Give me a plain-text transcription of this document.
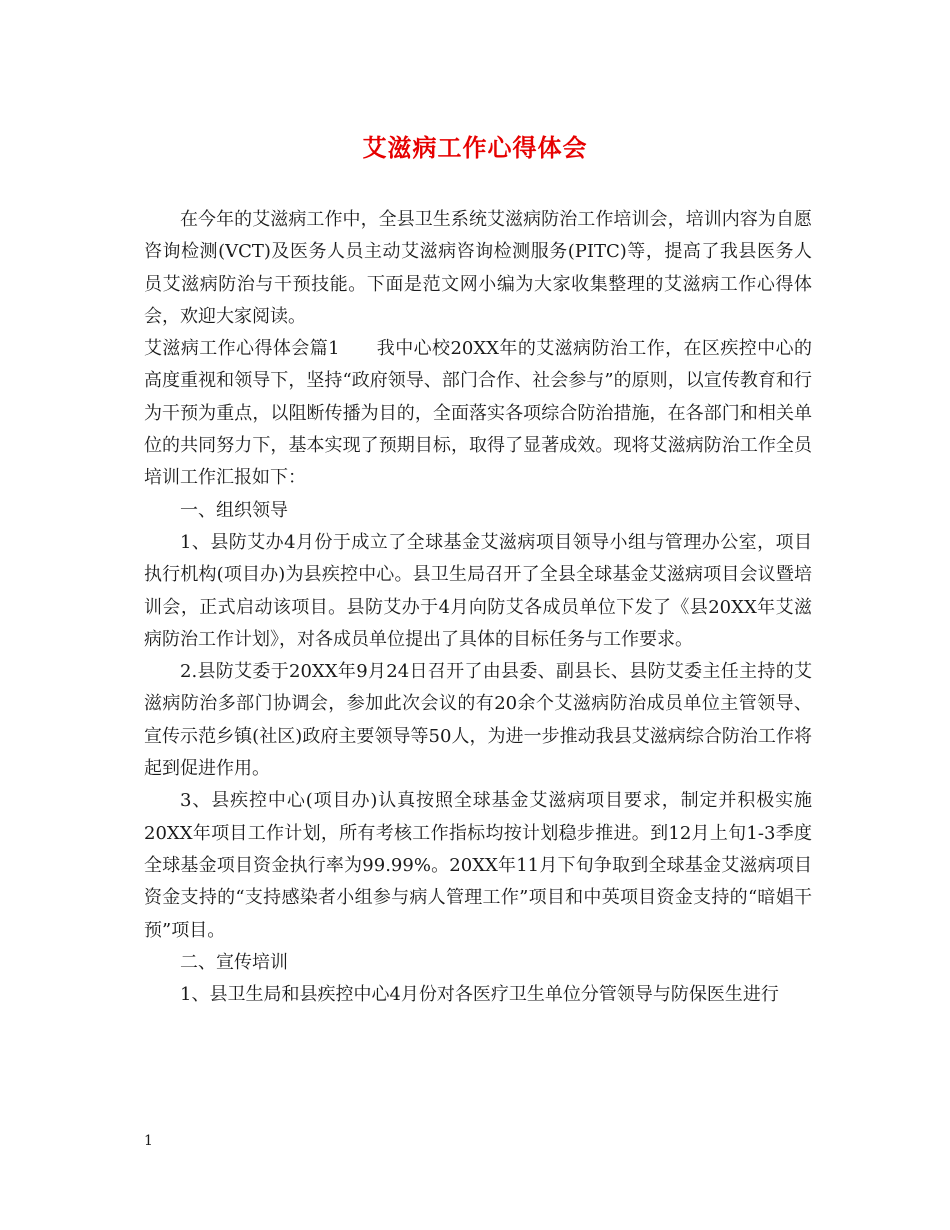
艾滋病工作心得体会

在今年的艾滋病工作中，全县卫生系统艾滋病防治工作培训会，培训内容为自愿咨询检测(VCT)及医务人员主动艾滋病咨询检测服务(PITC)等，提高了我县医务人员艾滋病防治与干预技能。下面是范文网小编为大家收集整理的艾滋病工作心得体会，欢迎大家阅读。

艾滋病工作心得体会篇1　　我中心校20XX年的艾滋病防治工作，在区疾控中心的高度重视和领导下，坚持“政府领导、部门合作、社会参与”的原则，以宣传教育和行为干预为重点，以阻断传播为目的，全面落实各项综合防治措施，在各部门和相关单位的共同努力下，基本实现了预期目标，取得了显著成效。现将艾滋病防治工作全员培训工作汇报如下：

一、组织领导

1、县防艾办4月份于成立了全球基金艾滋病项目领导小组与管理办公室，项目执行机构(项目办)为县疾控中心。县卫生局召开了全县全球基金艾滋病项目会议暨培训会，正式启动该项目。县防艾办于4月向防艾各成员单位下发了《县20XX年艾滋病防治工作计划》，对各成员单位提出了具体的目标任务与工作要求。

2.县防艾委于20XX年9月24日召开了由县委、副县长、县防艾委主任主持的艾滋病防治多部门协调会，参加此次会议的有20余个艾滋病防治成员单位主管领导、宣传示范乡镇(社区)政府主要领导等50人，为进一步推动我县艾滋病综合防治工作将起到促进作用。

3、县疾控中心(项目办)认真按照全球基金艾滋病项目要求，制定并积极实施20XX年项目工作计划，所有考核工作指标均按计划稳步推进。到12月上旬1-3季度全球基金项目资金执行率为99.99%。20XX年11月下旬争取到全球基金艾滋病项目资金支持的“支持感染者小组参与病人管理工作”项目和中英项目资金支持的“暗娼干预”项目。

二、宣传培训

1、县卫生局和县疾控中心4月份对各医疗卫生单位分管领导与防保医生进行

1
